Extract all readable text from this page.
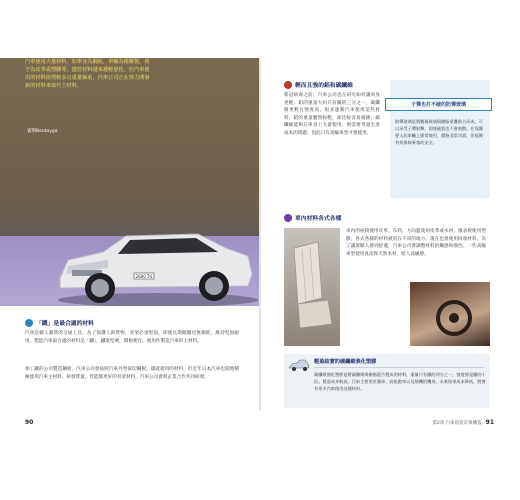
2600 TU
汽車的材料
汽車使用大量材料，如車身為鋼板，車軸為橡膠製，椅子為皮革或塑膠等。儘管材料越來越輕量化，但汽車使用的材料依然較多且重量偏重，汽車公司正在努力開發新的材料來取代主材料。
賓利Bentayga
「鐵」是最合適的材料
汽車是載人載貨的交通工具，為了保護人與貨物，骨架必須堅固，即使長期顛簸也無損耗，維持堅固耐用。製造汽車最合適的材料是「鐵」，鐵既堅硬，價格便宜，被用作製造汽車的主材料。
加工鐵的公司製造鋼板，汽車公司會按照汽車外型裁切鋼板，鑄就就用的材料，但近年日本汽車也開始積極使用汽車主材料，研發質量、性能都更好的骨架材料，汽車公司會與企業合作共同研發。
90
輕而且強的鋁和碳纖維
新冠病毒之前，汽車公司也在研究如何讓車身更輕。鋁的重量大約只有鋼的三分之一，碳纖維更輕且強度高，很多運動汽車使用這些材料。鋁的重量雖然較輕，卻比較容易腐蝕；碳纖維能夠在車身上大量使用，則需要考量生產成本的問題，因此只有高級車型才會使用。
子彈也打不破的防彈玻璃
防彈玻璃是將數層玻璃與樹脂重疊貼合而成，可以承受子彈射擊，即使破裂也不會飛散。在保護要人的車輛上經常使用，價格非常昂貴，但能夠有效保障乘客的安全。
車內材料各式各樣
車內的座椅使用皮革、布料，方向盤使用皮革或木材，儀表板使用塑膠，各式各樣的材料被用在不同的地方。現在也會使用回收材料。為了讓駕駛人感到舒適，汽車公司會調整材料的觸感和顏色。一些高級車型使用真皮和天然木材，給人高級感。
輕盈結實的碳纖維強化塑膠
碳纖維強化塑膠是將碳纖維與樹脂混合製成的材料，重量只有鐵的四分之一，強度卻是鐵的十倍。製造成本較高，目前主要用於賽車、高級跑車以及飛機的機身。未來如果成本降低，將會有更多汽車使用這種材料。
第2章 汽車的設計與構造 91
